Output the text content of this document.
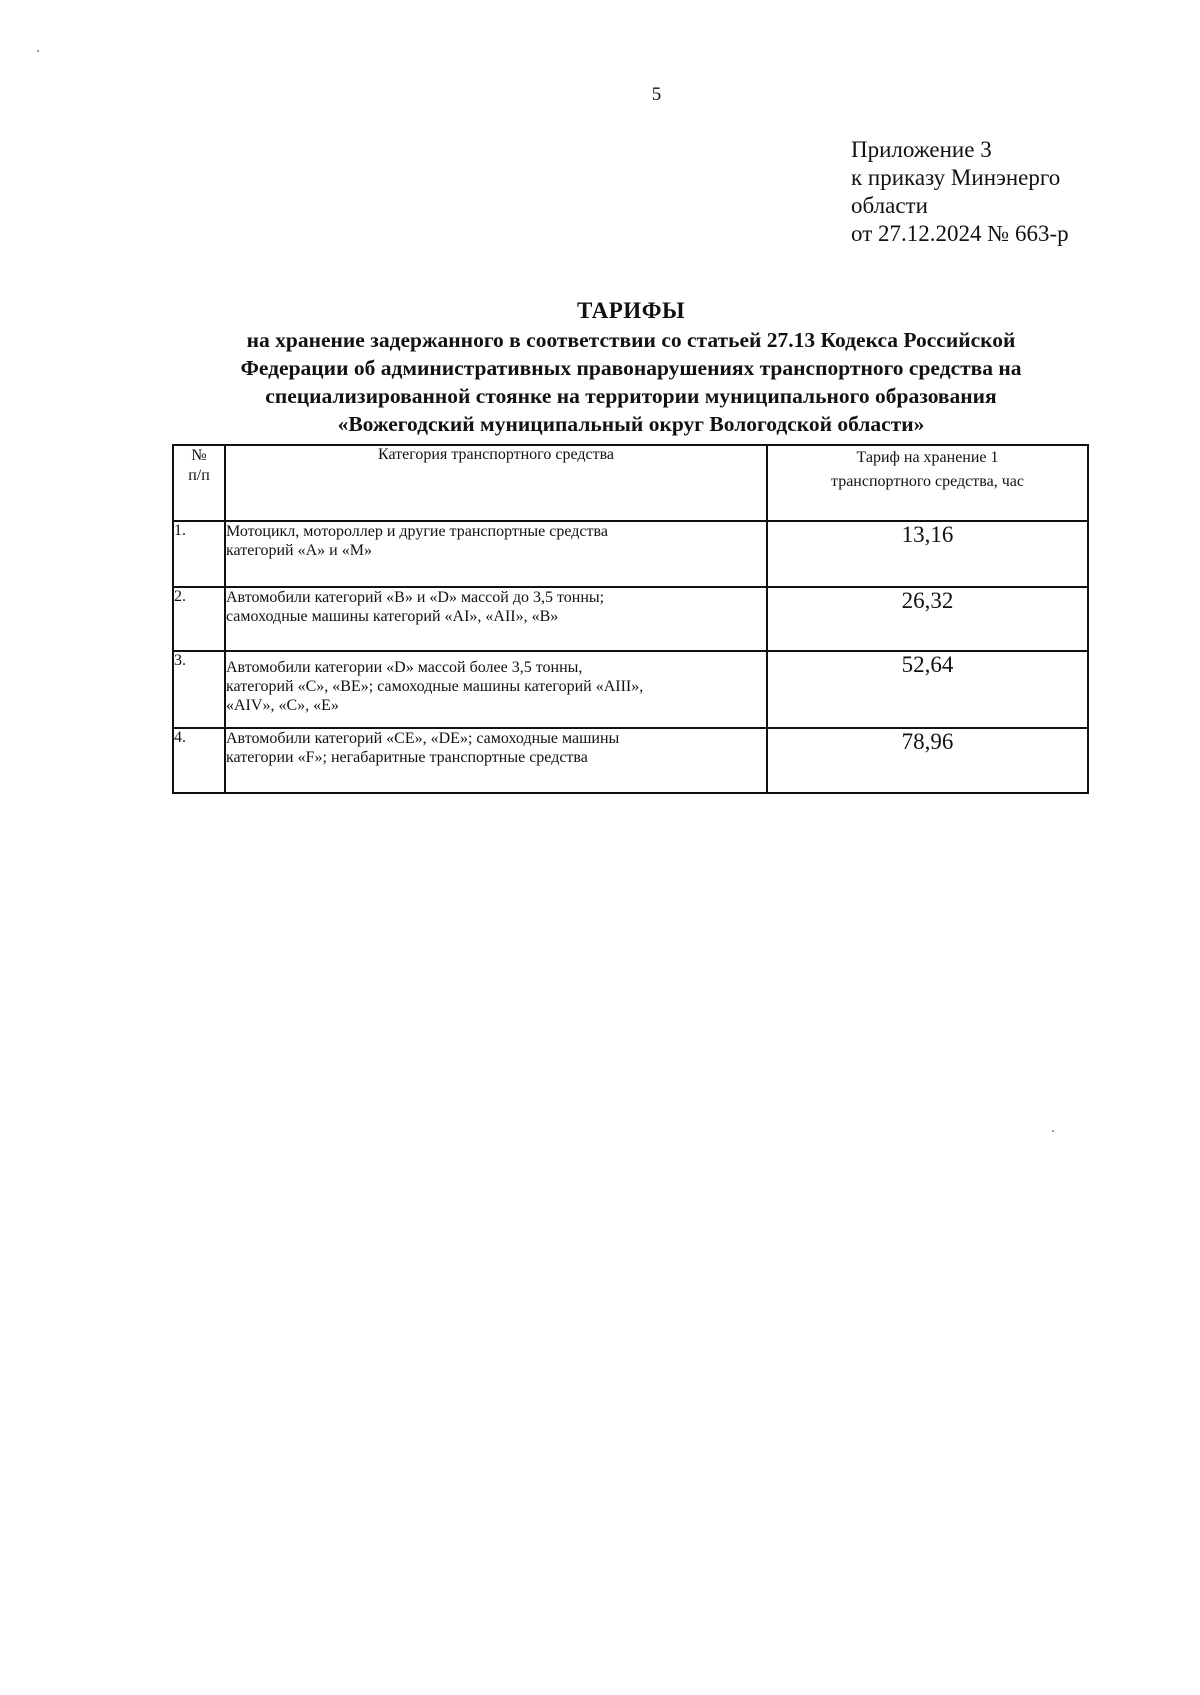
5
Приложение 3
к приказу Минэнерго
области
от 27.12.2024 № 663-р
ТАРИФЫ
на хранение задержанного в соответствии со статьей 27.13 Кодекса Российской
Федерации об административных правонарушениях транспортного средства на
специализированной стоянке на территории муниципального образования
«Вожегодский муниципальный округ Вологодской области»
№
п/п	Категория транспортного средства	Тариф на хранение 1 транспортного средства, час
1.	Мотоцикл, мотороллер и другие транспортные средства
категорий «А» и «М»	13,16
2.	Автомобили категорий «В» и «D» массой до 3,5 тонны;
самоходные машины категорий «AI», «AII», «В»	26,32
3.	Автомобили категории «D» массой более 3,5 тонны,
категорий «С», «ВЕ»; самоходные машины категорий «AIII»,
«AIV», «С», «Е»	52,64
4.	Автомобили категорий «СЕ», «DE»; самоходные машины
категории «F»; негабаритные транспортные средства	78,96
